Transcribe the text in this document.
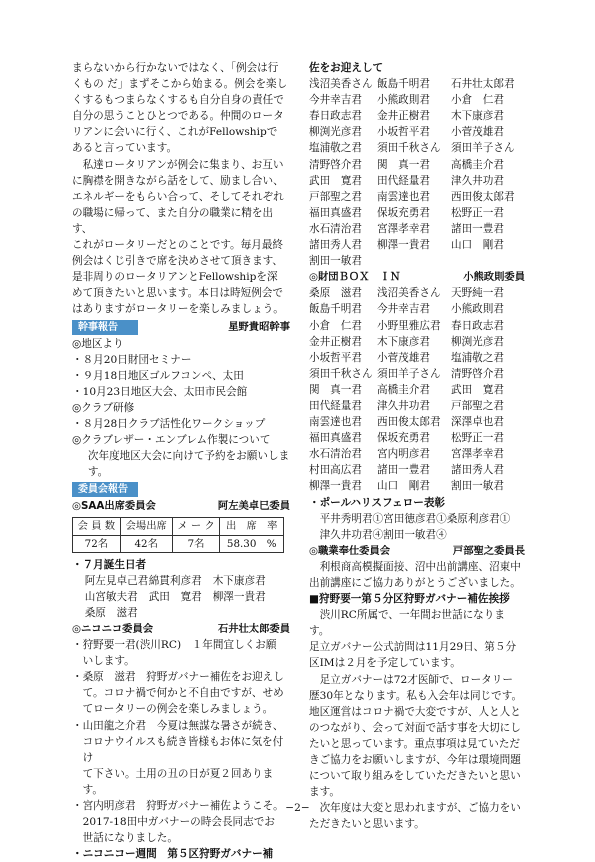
まらないから行かないではなく、「例会は行

くもの だ」まずそこから始まる。例会を楽し

くするもつまらなくするも自分自身の責任で

自分の思うことひとつである。仲間のロータ

リアンに会いに行く、これがFellowshipで

あると言っています。

私達ロータリアンが例会に集まり、お互い

に胸襟を開きながら話をして、励まし合い、

エネルギーをもらい合って、そしてそれぞれ

の職場に帰って、また自分の職業に精を出す、

これがロータリーだとのことです。毎月最終

例会はくじ引きで席を決めさせて頂きます、

是非周りのロータリアンとFellowshipを深

めて頂きたいと思います。本日は時短例会で

はありますがロータリーを楽しみましょう。

幹事報告	星野貴昭幹事

◎地区より

・８月20日財団セミナー

・９月18日地区ゴルフコンペ、太田

・10月23日地区大会、太田市民会館

◎クラブ研修

・８月28日クラブ活性化ワークショップ

◎クラブレザー・エンブレム作製について

次年度地区大会に向けて予約をお願いしま

す。

委員会報告
◎SAA出席委員会	阿左美卓巳委員
会 員 数	会場出席	メ ー ク	出　席　率
72名	42名	7名	58.30　%

・７月誕生日者

阿左見卓己君 綿貫利彦君	木下康彦君
山宮敏夫君	武田　寛君	柳澤一貴君
桑原　滋君
◎ニコニコ委員会	石井壮太郎委員

・狩野要一君(渋川RC)　１年間宜しくお願

いします。

・桑原　滋君　狩野ガバナー補佐をお迎えし

て。コロナ禍で何かと不自由ですが、せめ

てロータリーの例会を楽しみましょう。

・山田龍之介君　今夏は無謀な暑さが続き、

コロナウイルスも続き皆様もお体に気を付け

て下さい。土用の丑の日が夏２回あります。

・宮内明彦君　狩野ガバナー補佐ようこそ。

2017-18田中ガバナーの時会長同志でお

世話になりました。

・ニコニコー週間　第５区狩野ガバナー補

佐をお迎えして

浅沼美香さん 飯島千明君	石井壮太郎君
今井幸吉君	小熊政則君	小倉　仁君
春日政志君	金井正樹君	木下康彦君
柳渕光彦君	小坂哲平君	小菅茂雄君
塩浦敬之君	須田千秋さん 須田羊子さん
清野啓介君	関　真一君	高橋圭介君
武田　寛君	田代経量君	津久井功君
戸部聖之君	南雲達也君	西田俊太郎君
福田真盛君	保坂充勇君	松野正一君
水石清治君	宮澤孝幸君	諸田一豊君
諸田秀人君	柳澤一貴君	山口　剛君
割田一敏君
◎財団ＢＯＸ　ＩＮ	小熊政則委員
桑原　滋君	浅沼美香さん 天野純一君
飯島千明君	今井幸吉君	小熊政則君
小倉　仁君	小野里雅広君 春日政志君
金井正樹君	木下康彦君	柳渕光彦君
小坂哲平君	小菅茂雄君	塩浦敬之君
須田千秋さん 須田羊子さん 清野啓介君
関　真一君	高橋圭介君	武田　寛君
田代経量君	津久井功君	戸部聖之君
南雲達也君	西田俊太郎君 深澤卓也君
福田真盛君	保坂充勇君	松野正一君
水石清治君	宮内明彦君	宮澤孝幸君
村田高広君	諸田一豊君	諸田秀人君
柳澤一貴君	山口　剛君	割田一敏君

・ポールハリスフェロー表彰

平井秀明君①宮田徳彦君①桑原利彦君①

津久井功君④割田一敏君④

◎職業奉仕委員会	戸部聖之委員長

利根商高模擬面接、沼中出前講座、沼東中

出前講座にご協力ありがとうございました。

■狩野要一第５分区狩野ガバナー補佐挨拶

渋川RC所属で、一年間お世話になります。

足立ガバナー公式訪問は11月29日、第５分

区IMは２月を予定しています。

足立ガバナーは72才医師で、ロータリー

歴30年となります。私も入会年は同じです。

地区運営はコロナ禍で大変ですが、人と人と

のつながり、会って対面で話す事を大切にし

たいと思っています。重点事項は見ていただ

きご協力をお願いしますが、今年は環境問題

について取り組みをしていただきたいと思い

ます。

次年度は大変と思われますが、ご協力をい

ただきたいと思います。

−2−
